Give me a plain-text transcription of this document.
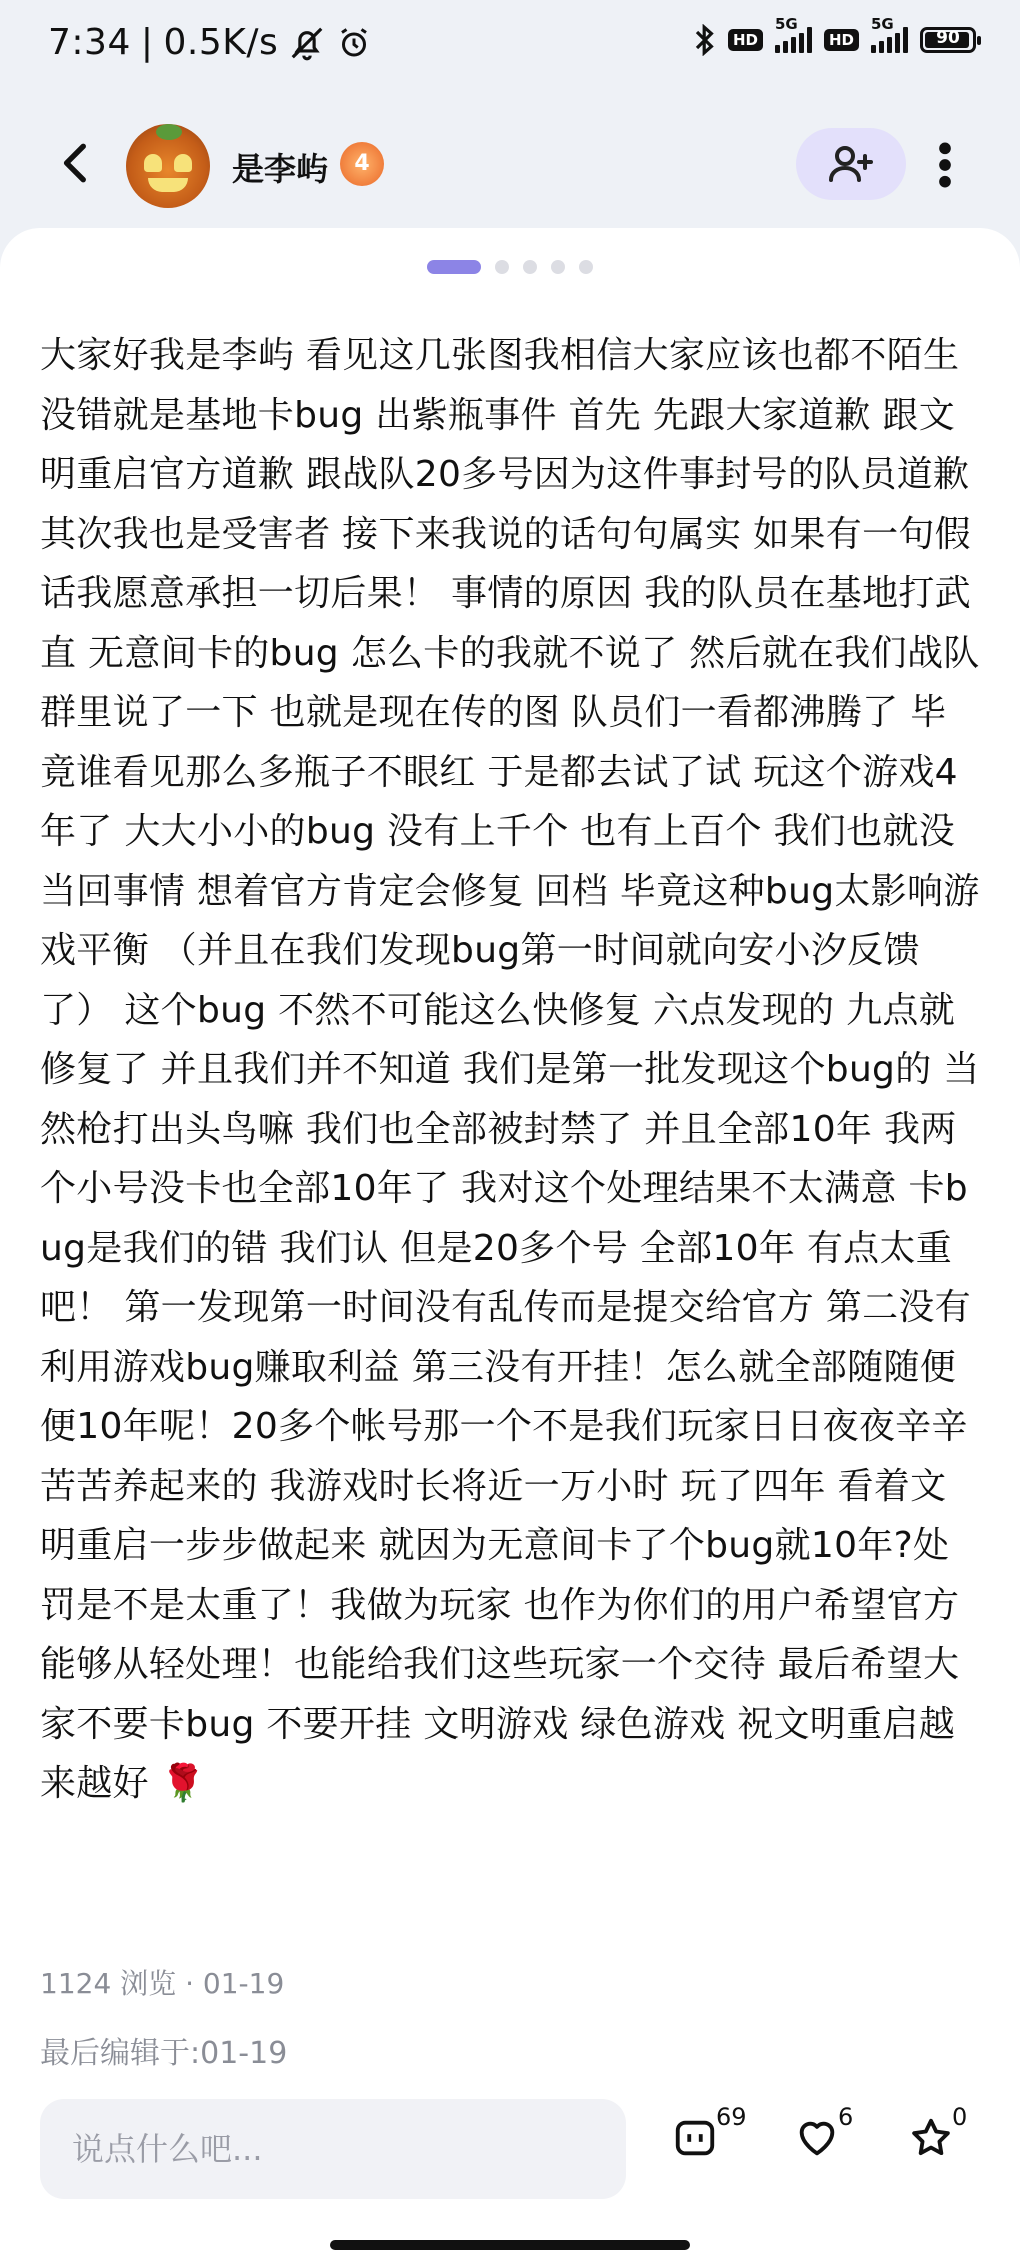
7:34 | 0.5K/s	HD
5G
HD
5G
90
是李屿	4
大家好我是李屿 看见这几张图我相信大家应该也都不陌生 没错就是基地卡bug 出紫瓶事件 首先 先跟大家道歉 跟文明重启官方道歉 跟战队20多号因为这件事封号的队员道歉 其次我也是受害者 接下来我说的话句句属实 如果有一句假话我愿意承担一切后果！ 事情的原因 我的队员在基地打武直 无意间卡的bug 怎么卡的我就不说了 然后就在我们战队群里说了一下 也就是现在传的图 队员们一看都沸腾了 毕竟谁看见那么多瓶子不眼红 于是都去试了试 玩这个游戏4年了 大大小小的bug 没有上千个 也有上百个 我们也就没当回事情 想着官方肯定会修复 回档 毕竟这种bug太影响游戏平衡 （并且在我们发现bug第一时间就向安小汐反馈了） 这个bug 不然不可能这么快修复 六点发现的 九点就修复了 并且我们并不知道 我们是第一批发现这个bug的 当然枪打出头鸟嘛 我们也全部被封禁了 并且全部10年 我两个小号没卡也全部10年了 我对这个处理结果不太满意 卡bug是我们的错 我们认 但是20多个号 全部10年 有点太重吧！ 第一发现第一时间没有乱传而是提交给官方 第二没有利用游戏bug赚取利益 第三没有开挂！怎么就全部随随便便10年呢！20多个帐号那一个不是我们玩家日日夜夜辛辛苦苦养起来的 我游戏时长将近一万小时 玩了四年 看着文明重启一步步做起来 就因为无意间卡了个bug就10年?处罚是不是太重了！我做为玩家 也作为你们的用户希望官方能够从轻处理！也能给我们这些玩家一个交待 最后希望大家不要卡bug 不要开挂 文明游戏 绿色游戏 祝文明重启越来越好 🌹
1124 浏览 · 01-19
最后编辑于:01-19
说点什么吧...
69	6	0
